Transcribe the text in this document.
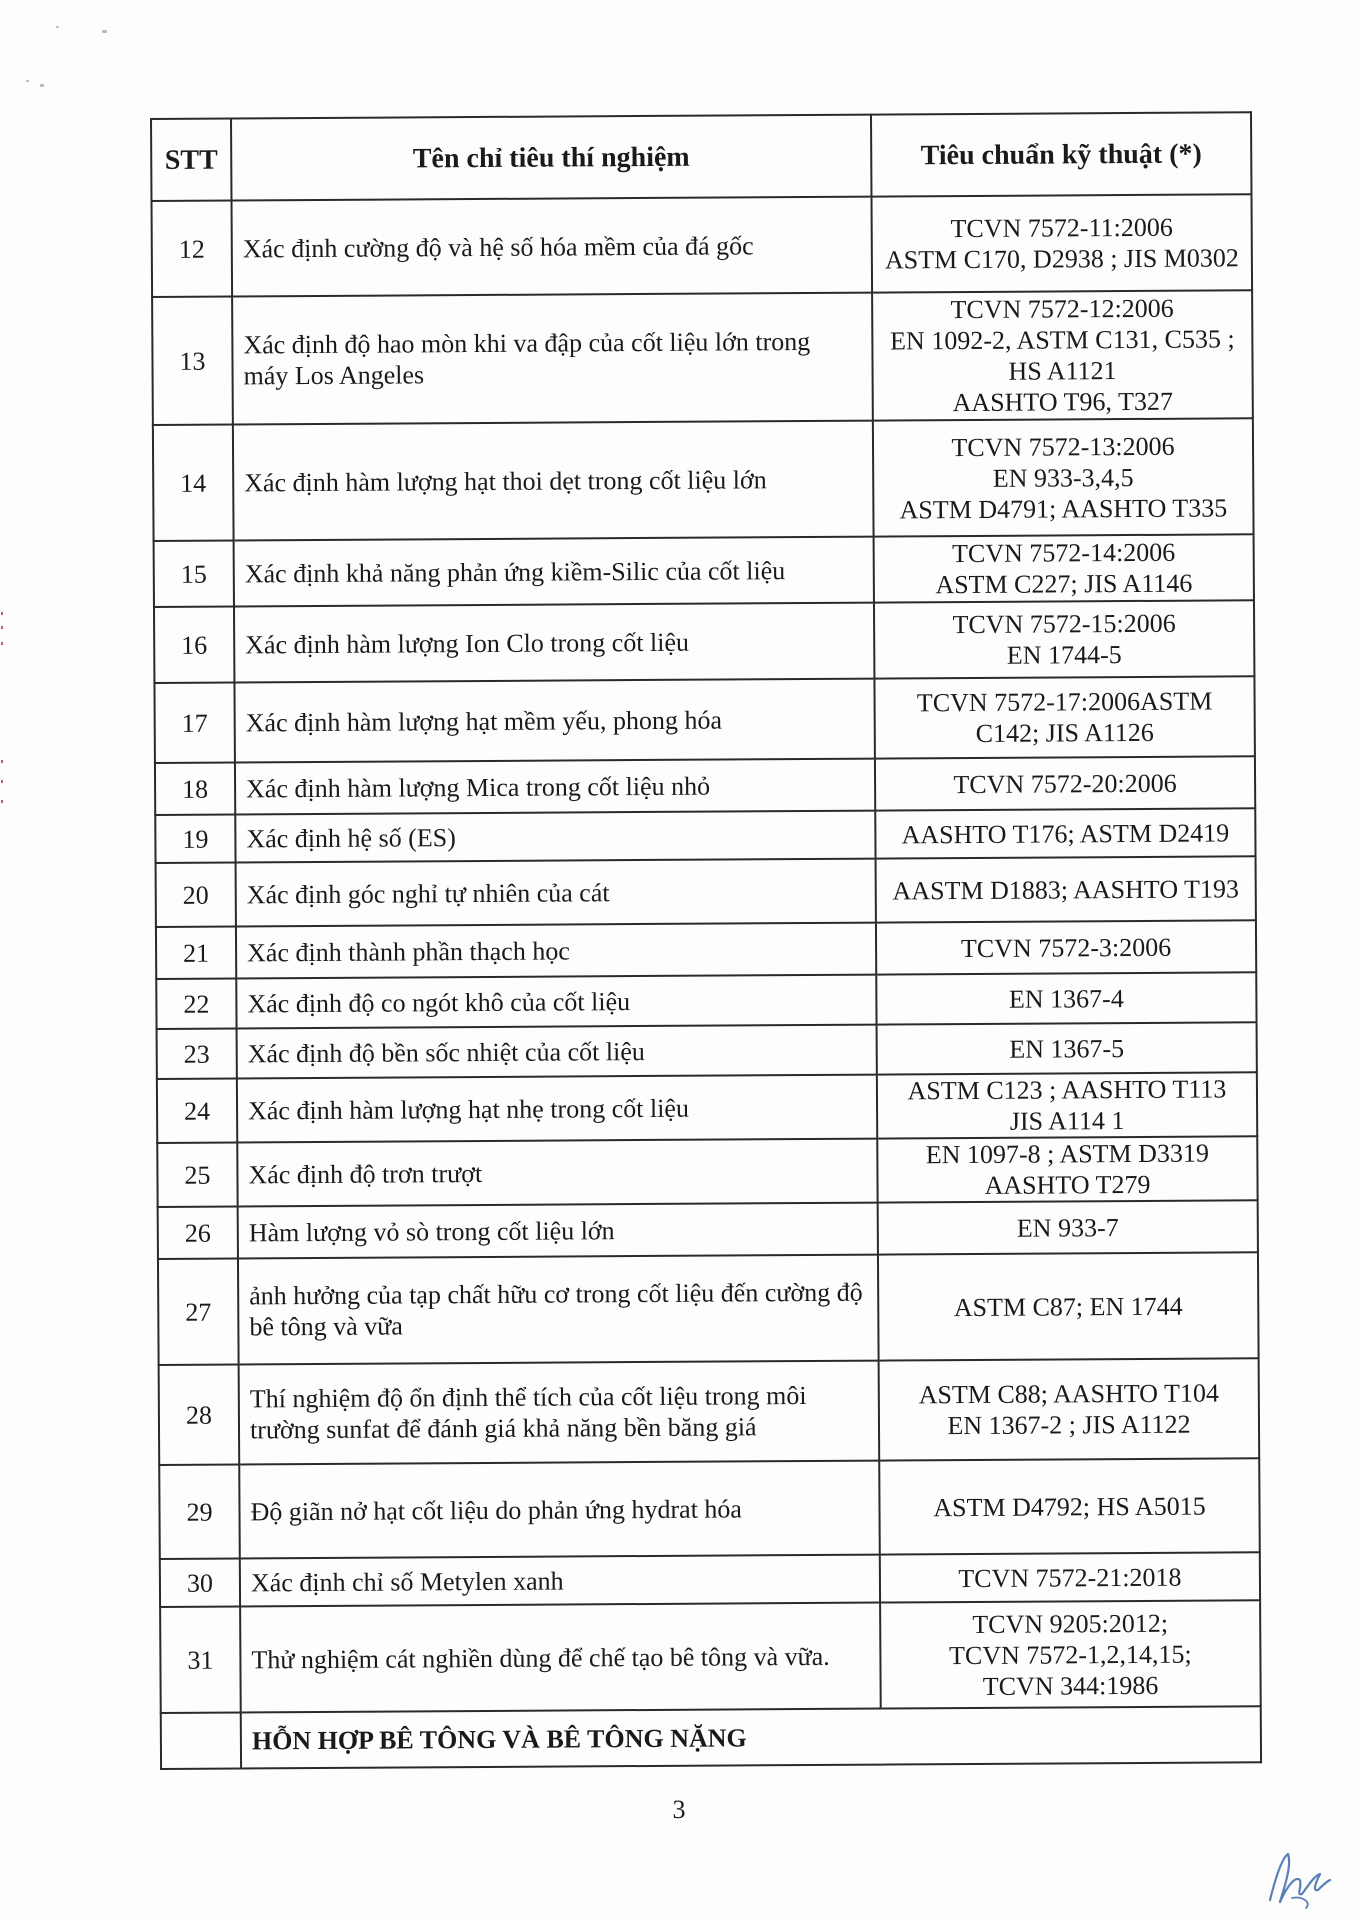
STT	Tên chỉ tiêu thí nghiệm	Tiêu chuẩn kỹ thuật (*)
12	Xác định cường độ và hệ số hóa mềm của đá gốc	TCVN 7572-11:2006
ASTM C170, D2938 ; JIS M0302
13	Xác định độ hao mòn khi va đập của cốt liệu lớn trong máy Los Angeles	TCVN 7572-12:2006
EN 1092-2, ASTM C131, C535 ; HS A1121
AASHTO T96, T327
14	Xác định hàm lượng hạt thoi dẹt trong cốt liệu lớn	TCVN 7572-13:2006
EN 933-3,4,5
ASTM D4791; AASHTO T335
15	Xác định khả năng phản ứng kiềm-Silic của cốt liệu	TCVN 7572-14:2006
ASTM C227; JIS A1146
16	Xác định hàm lượng Ion Clo trong cốt liệu	TCVN 7572-15:2006
EN 1744-5
17	Xác định hàm lượng hạt mềm yếu, phong hóa	TCVN 7572-17:2006ASTM C142; JIS A1126
18	Xác định hàm lượng Mica trong cốt liệu nhỏ	TCVN 7572-20:2006
19	Xác định hệ số (ES)	AASHTO T176; ASTM D2419
20	Xác định góc nghỉ tự nhiên của cát	AASTM D1883; AASHTO T193
21	Xác định thành phần thạch học	TCVN 7572-3:2006
22	Xác định độ co ngót khô của cốt liệu	EN 1367-4
23	Xác định độ bền sốc nhiệt của cốt liệu	EN 1367-5
24	Xác định hàm lượng hạt nhẹ trong cốt liệu	ASTM C123 ; AASHTO T113
JIS A114 1
25	Xác định độ trơn trượt	EN 1097-8 ; ASTM D3319
AASHTO T279
26	Hàm lượng vỏ sò trong cốt liệu lớn	EN 933-7
27	ảnh hưởng của tạp chất hữu cơ trong cốt liệu đến cường độ bê tông và vữa	ASTM C87; EN 1744
28	Thí nghiệm độ ổn định thể tích của cốt liệu trong môi trường sunfat để đánh giá khả năng bền băng giá	ASTM C88; AASHTO T104
EN 1367-2 ; JIS A1122
29	Độ giãn nở hạt cốt liệu do phản ứng hydrat hóa	ASTM D4792; HS A5015
30	Xác định chỉ số Metylen xanh	TCVN 7572-21:2018
31	Thử nghiệm cát nghiền dùng để chế tạo bê tông và vữa.	TCVN 9205:2012;
TCVN 7572-1,2,14,15;
TCVN 344:1986
	HỖN HỢP BÊ TÔNG VÀ BÊ TÔNG NẶNG	
3
